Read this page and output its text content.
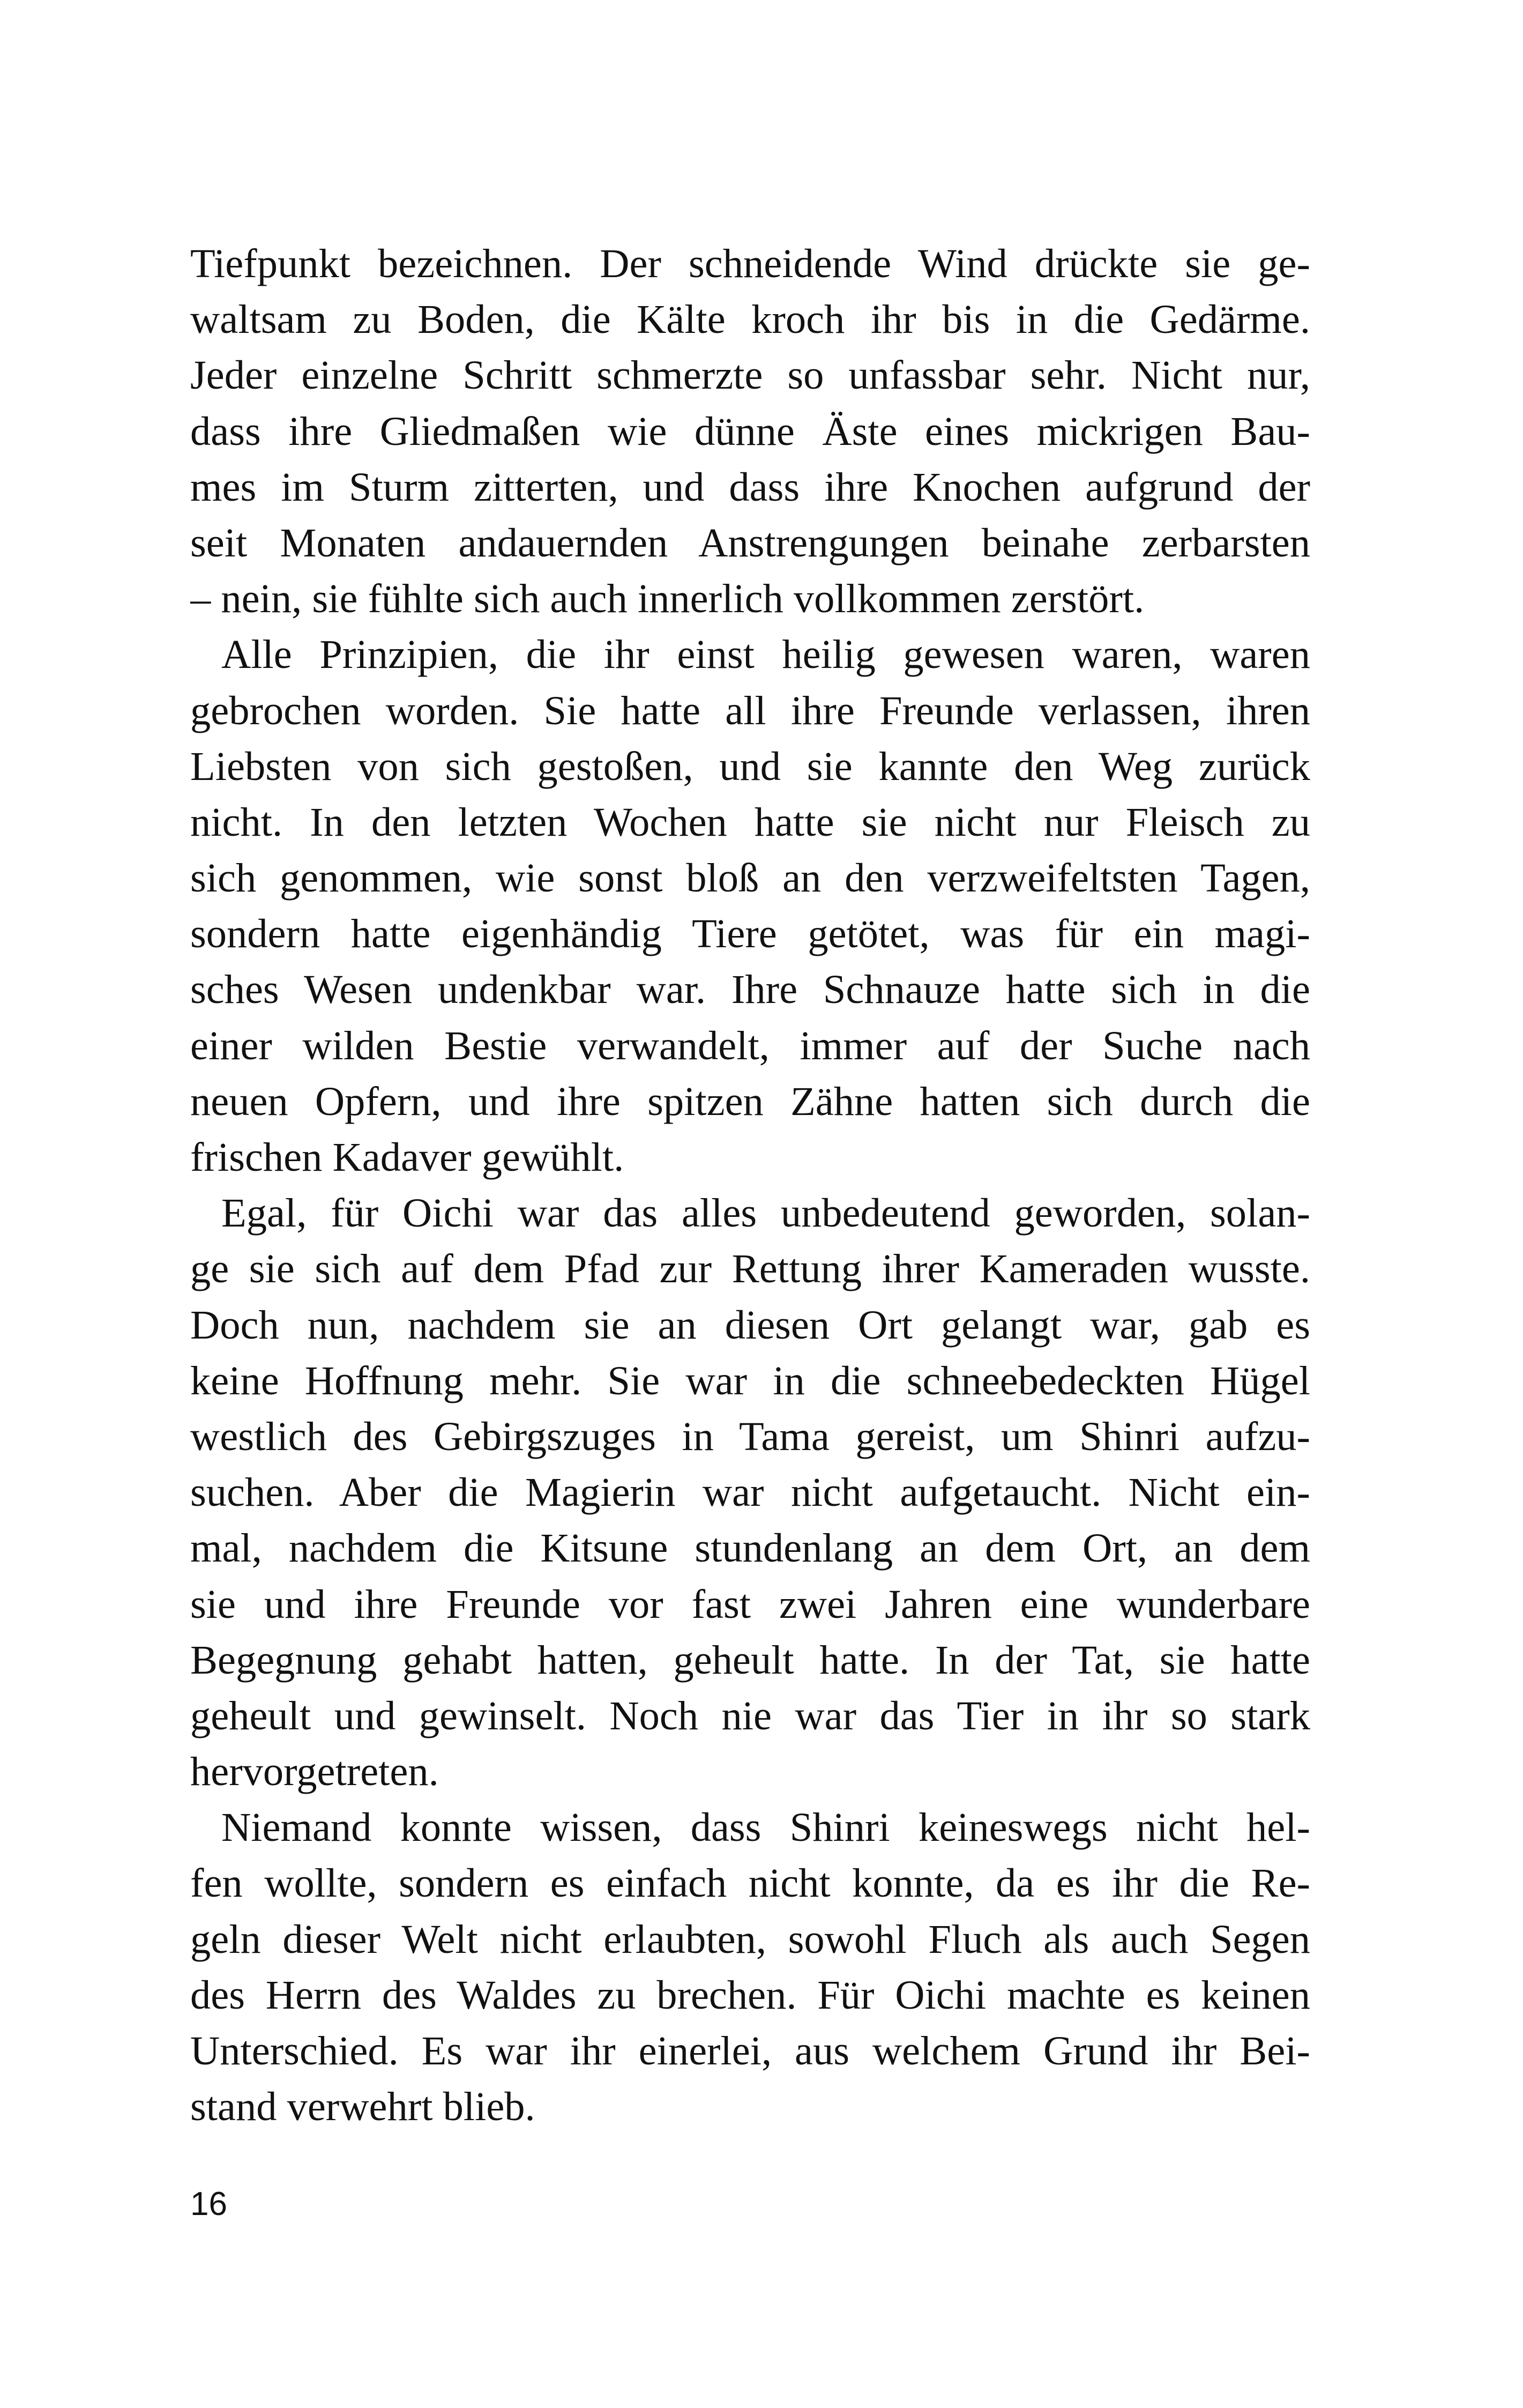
Tiefpunkt bezeichnen. Der schneidende Wind drückte sie ge-
waltsam zu Boden, die Kälte kroch ihr bis in die Gedärme.
Jeder einzelne Schritt schmerzte so unfassbar sehr. Nicht nur,
dass ihre Gliedmaßen wie dünne Äste eines mickrigen Bau-
mes im Sturm zitterten, und dass ihre Knochen aufgrund der
seit Monaten andauernden Anstrengungen beinahe zerbarsten
– nein, sie fühlte sich auch innerlich vollkommen zerstört.
Alle Prinzipien, die ihr einst heilig gewesen waren, waren
gebrochen worden. Sie hatte all ihre Freunde verlassen, ihren
Liebsten von sich gestoßen, und sie kannte den Weg zurück
nicht. In den letzten Wochen hatte sie nicht nur Fleisch zu
sich genommen, wie sonst bloß an den verzweifeltsten Tagen,
sondern hatte eigenhändig Tiere getötet, was für ein magi-
sches Wesen undenkbar war. Ihre Schnauze hatte sich in die
einer wilden Bestie verwandelt, immer auf der Suche nach
neuen Opfern, und ihre spitzen Zähne hatten sich durch die
frischen Kadaver gewühlt.
Egal, für Oichi war das alles unbedeutend geworden, solan-
ge sie sich auf dem Pfad zur Rettung ihrer Kameraden wusste.
Doch nun, nachdem sie an diesen Ort gelangt war, gab es
keine Hoffnung mehr. Sie war in die schneebedeckten Hügel
westlich des Gebirgszuges in Tama gereist, um Shinri aufzu-
suchen. Aber die Magierin war nicht aufgetaucht. Nicht ein-
mal, nachdem die Kitsune stundenlang an dem Ort, an dem
sie und ihre Freunde vor fast zwei Jahren eine wunderbare
Begegnung gehabt hatten, geheult hatte. In der Tat, sie hatte
geheult und gewinselt. Noch nie war das Tier in ihr so stark
hervorgetreten.
Niemand konnte wissen, dass Shinri keineswegs nicht hel-
fen wollte, sondern es einfach nicht konnte, da es ihr die Re-
geln dieser Welt nicht erlaubten, sowohl Fluch als auch Segen
des Herrn des Waldes zu brechen. Für Oichi machte es keinen
Unterschied. Es war ihr einerlei, aus welchem Grund ihr Bei-
stand verwehrt blieb.
16
